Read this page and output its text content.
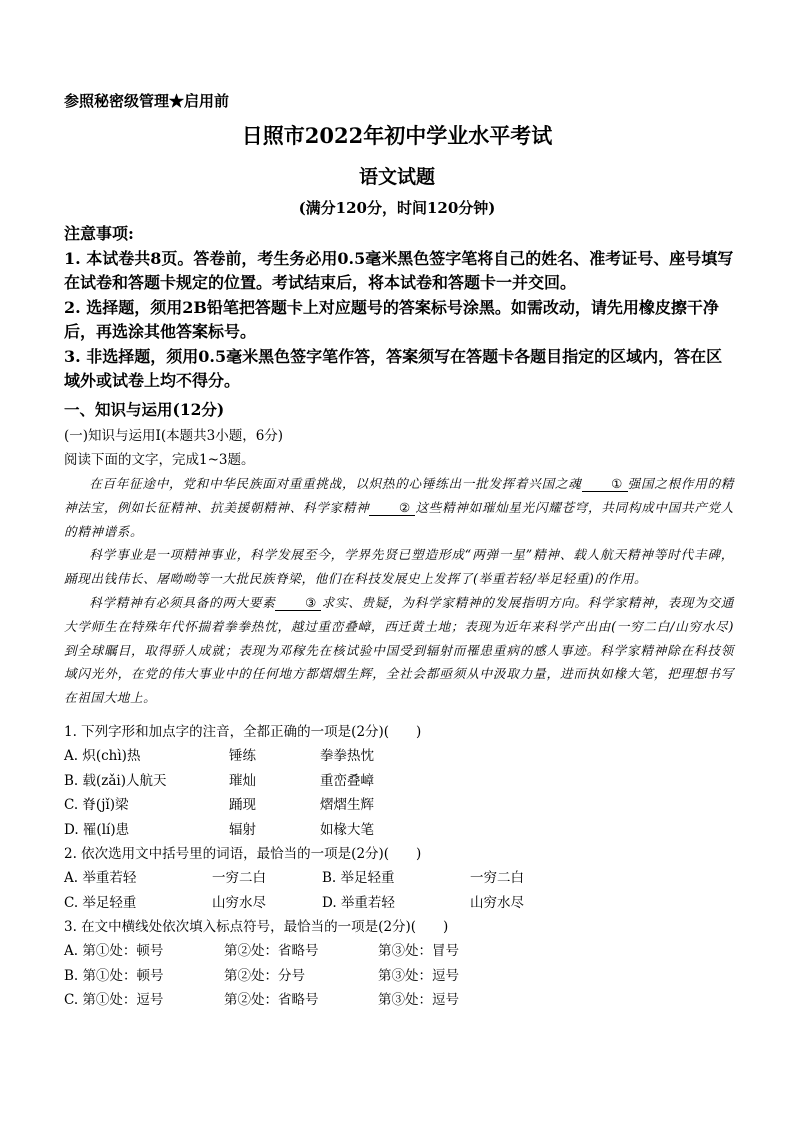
参照秘密级管理★启用前
日照市2022年初中学业水平考试
语文试题
(满分120分，时间120分钟)

注意事项:

1. 本试卷共8页。答卷前，考生务必用0.5毫米黑色签字笔将自己的姓名、准考证号、座号填写在试卷和答题卡规定的位置。考试结束后，将本试卷和答题卡一并交回。

2. 选择题，须用2B铅笔把答题卡上对应题号的答案标号涂黑。如需改动，请先用橡皮擦干净后，再选涂其他答案标号。

3. 非选择题，须用0.5毫米黑色签字笔作答，答案须写在答题卡各题目指定的区域内，答在区域外或试卷上均不得分。

一、知识与运用(12分)
(一)知识与运用Ⅰ(本题共3小题，6分)
阅读下面的文字，完成1~3题。

在百年征途中，党和中华民族面对重重挑战，以炽热的心锤练出一批发挥着兴国之魂 ① 强国之根作用的精神法宝，例如长征精神、抗美援朝精神、科学家精神 ② 这些精神如璀灿星光闪耀苍穹，共同构成中国共产党人的精神谱系。

科学事业是一项精神事业，科学发展至今，学界先贤已塑造形成“两弹一星”精神、载人航天精神等时代丰碑，踊现出钱伟长、屠呦呦等一大批民族脊梁，他们在科技发展史上发挥了(举重若轻/举足轻重)的作用。

科学精神有必须具备的两大要素 ③ 求实、贵疑，为科学家精神的发展指明方向。科学家精神，表现为交通大学师生在特殊年代怀揣着拳拳热忱，越过重峦叠嶂，西迁黄土地；表现为近年来科学产出由(一穷二白/山穷水尽)到全球瞩目，取得骄人成就；表现为邓稼先在核试验中国受到辐射而罹患重病的感人事迹。科学家精神除在科技领域闪光外，在党的伟大事业中的任何地方都熠熠生辉，全社会都亟须从中汲取力量，进而执如椽大笔，把理想书写在祖国大地上。

1. 下列字形和加点字的注音，全都正确的一项是(2分)(　　)
A. 炽(chì)热	锤练	拳拳热忱
B. 载(zǎi)人航天	璀灿	重峦叠嶂
C. 脊(jǐ)梁	踊现	熠熠生辉
D. 罹(lí)患	辐射	如椽大笔
2. 依次选用文中括号里的词语，最恰当的一项是(2分)(　　)
A. 举重若轻	一穷二白	B. 举足轻重	一穷二白
C. 举足轻重	山穷水尽	D. 举重若轻	山穷水尽
3. 在文中横线处依次填入标点符号，最恰当的一项是(2分)(　　)
A. 第①处：顿号	第②处：省略号	第③处：冒号
B. 第①处：顿号	第②处：分号	第③处：逗号
C. 第①处：逗号	第②处：省略号	第③处：逗号
